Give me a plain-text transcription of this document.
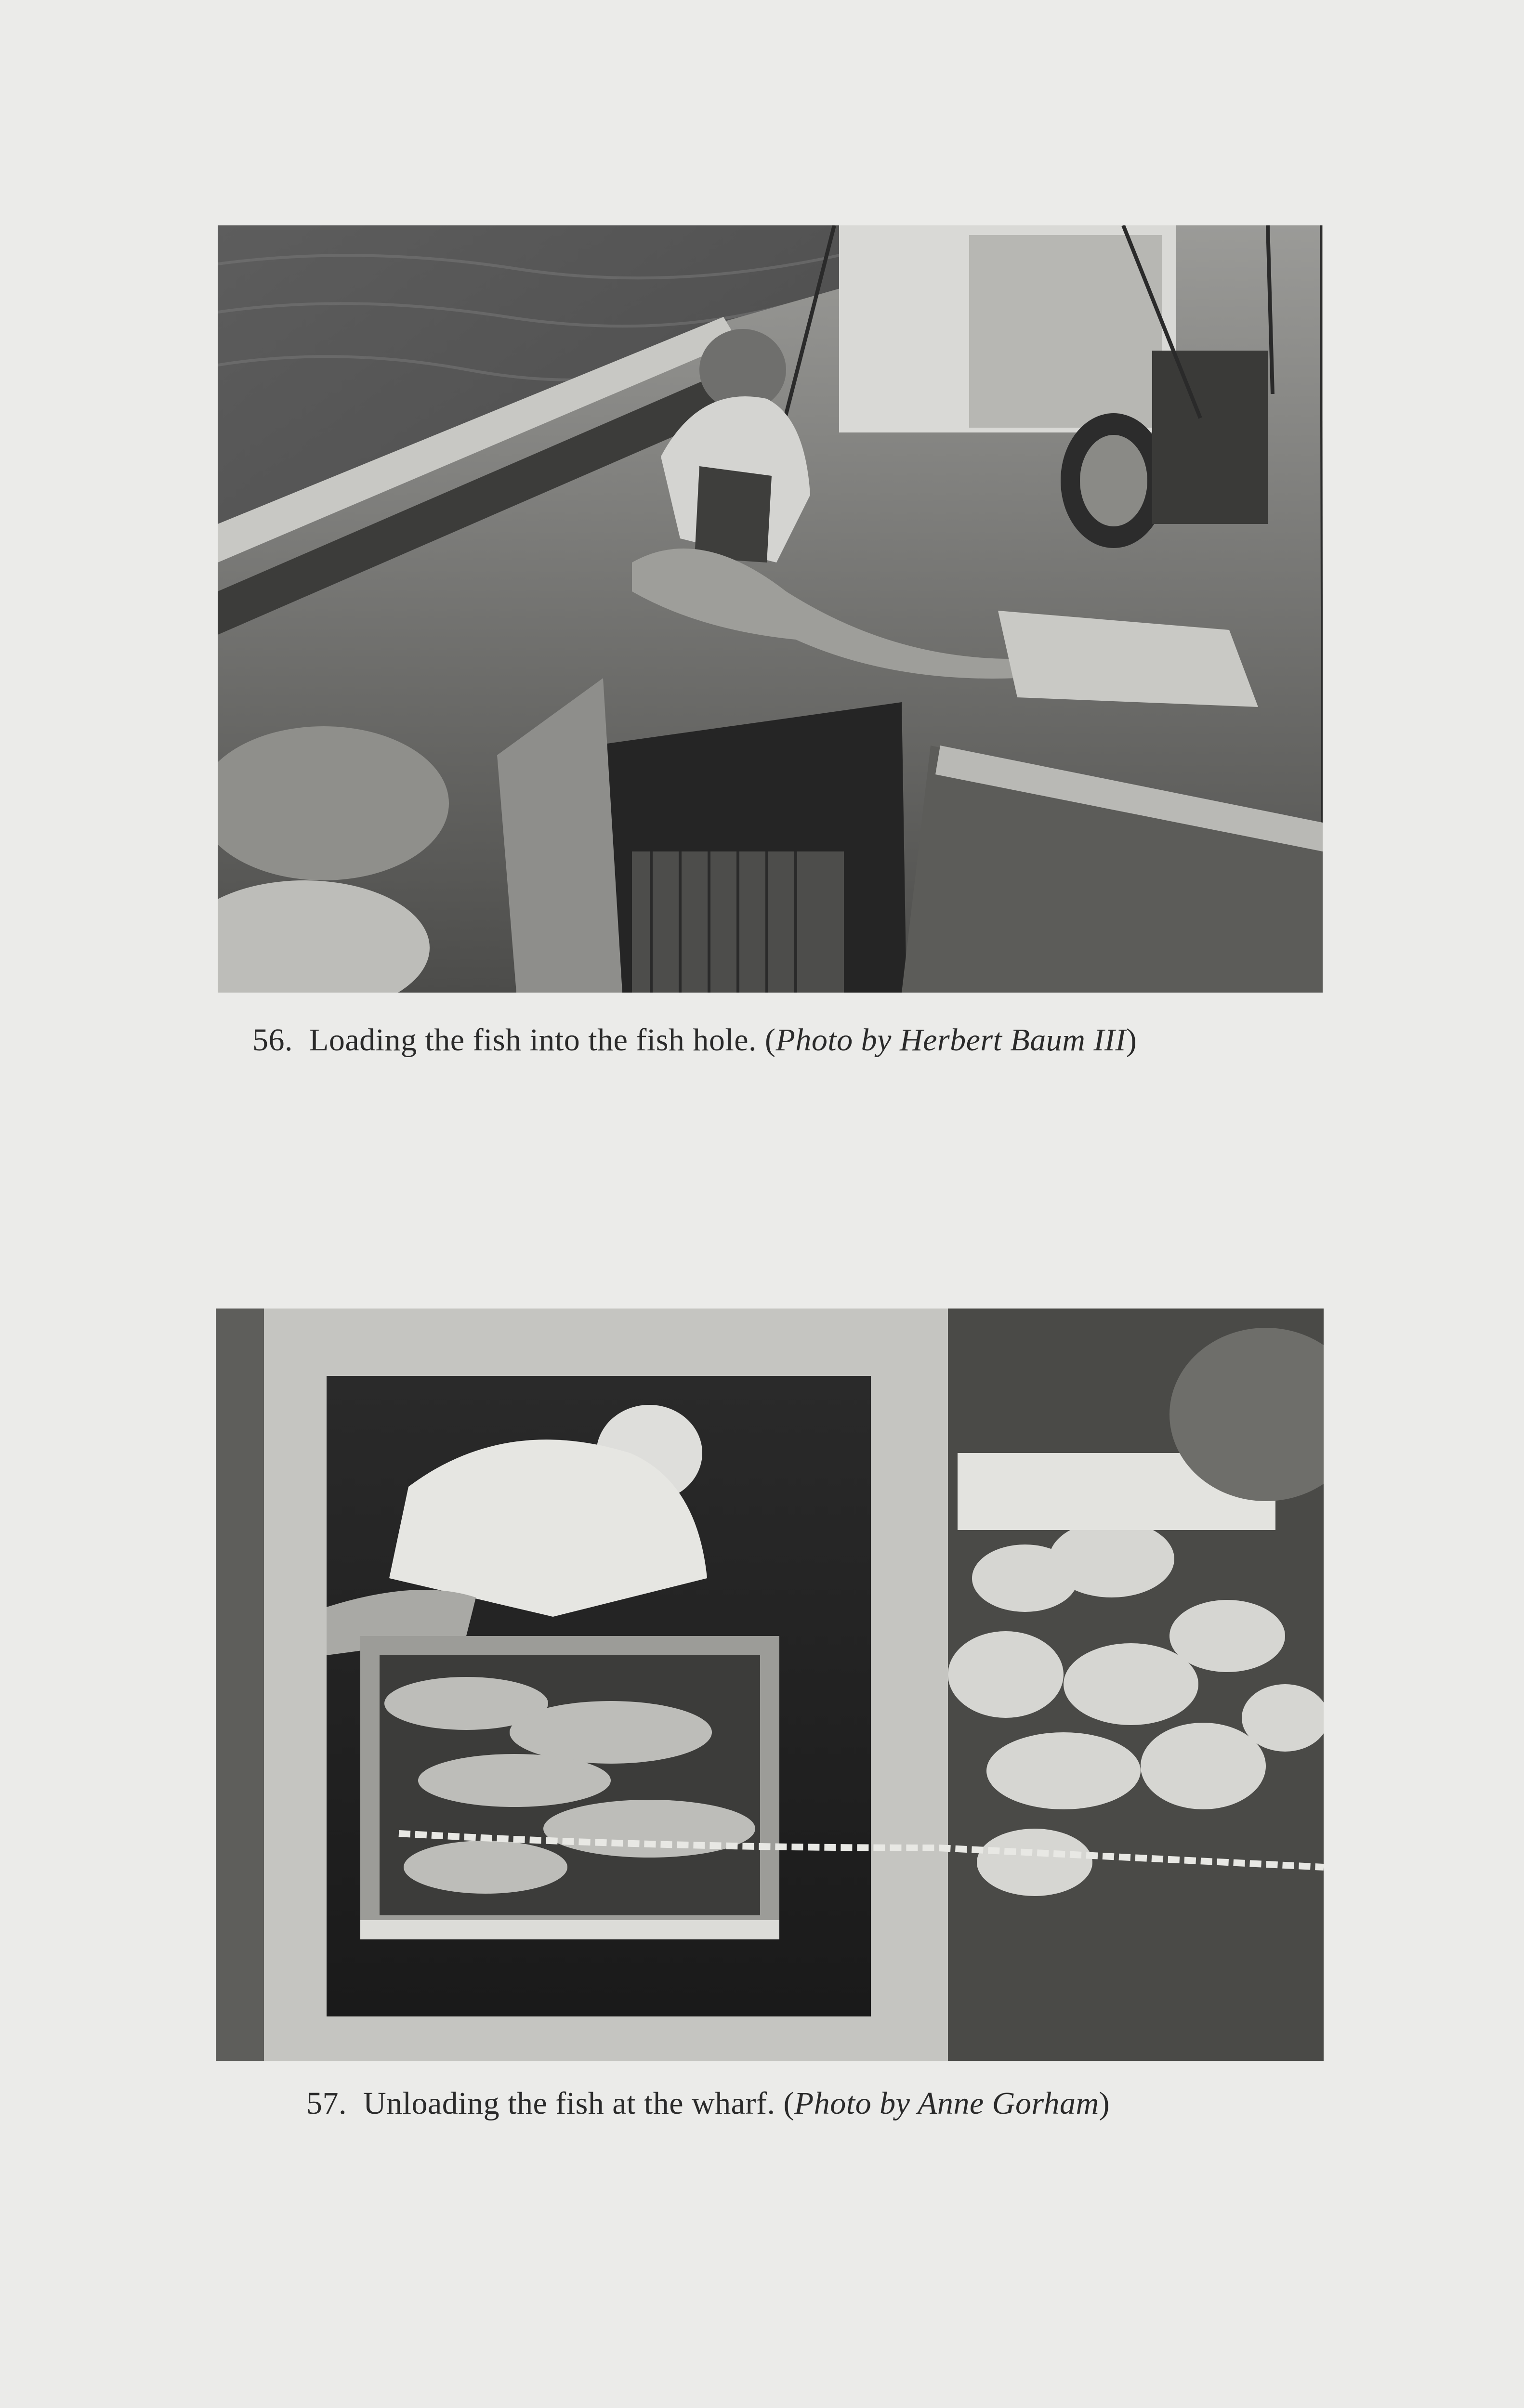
56. Loading the fish into the fish hole. (Photo by Herbert Baum III)
57. Unloading the fish at the wharf. (Photo by Anne Gorham)
